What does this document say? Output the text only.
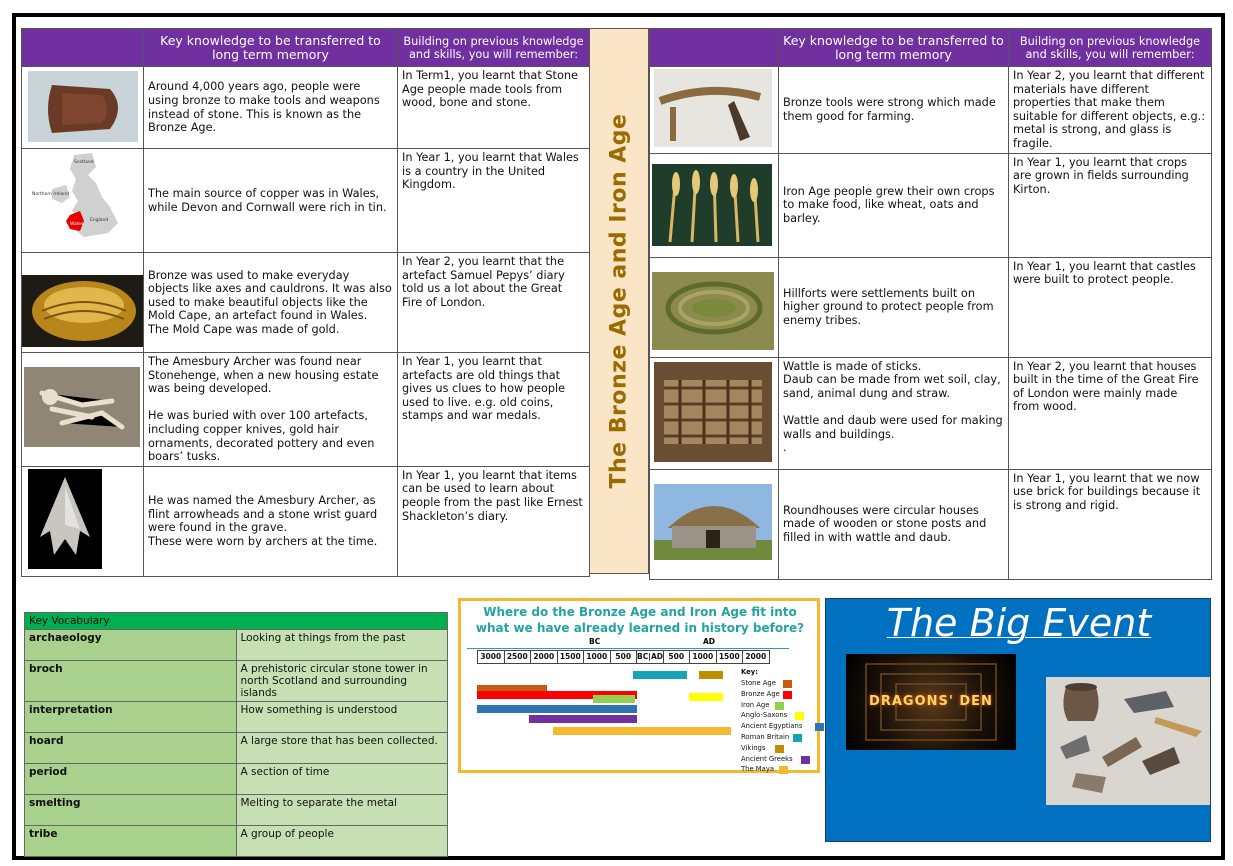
	Key knowledge to be transferred to long term memory	Building on previous knowledge and skills, you will remember:

	Around 4,000 years ago, people were using bronze to make tools and weapons instead of stone. This is known as the Bronze Age.	In Term1, you learnt that Stone Age people made tools from wood, bone and stone.

Scotland
Northern Ireland
England
Wales	The main source of copper was in Wales, while Devon and Cornwall were rich in tin.	In Year 1, you learnt that Wales is a country in the United Kingdom.

	Bronze was used to make everyday objects like axes and cauldrons. It was also used to make beautiful objects like the Mold Cape, an artefact found in Wales.
The Mold Cape was made of gold.	In Year 2, you learnt that the artefact Samuel Pepys’ diary told us a lot about the Great Fire of London.

	The Amesbury Archer was found near Stonehenge, when a new housing estate was being developed.

He was buried with over 100 artefacts, including copper knives, gold hair ornaments, decorated pottery and even boars’ tusks.	In Year 1, you learnt that artefacts are old things that gives us clues to how people used to live. e.g. old coins, stamps and war medals.

	He was named the Amesbury Archer, as flint arrowheads and a stone wrist guard were found in the grave.
These were worn by archers at the time.	In Year 1, you learnt that items can be used to learn about people from the past like Ernest Shackleton’s diary.
The Bronze Age and Iron Age
	Key knowledge to be transferred to long term memory	Building on previous knowledge and skills, you will remember:

	Bronze tools were strong which made them good for farming.	In Year 2, you learnt that different materials have different properties that make them suitable for different objects, e.g.: metal is strong, and glass is fragile.

	Iron Age people grew their own crops to make food, like wheat, oats and barley.	In Year 1, you learnt that crops are grown in fields surrounding Kirton.

	Hillforts were settlements built on higher ground to protect people from enemy tribes.	In Year 1, you learnt that castles were built to protect people.

	Wattle is made of sticks.
Daub can be made from wet soil, clay, sand, animal dung and straw.

Wattle and daub were used for making walls and buildings.
.	In Year 2, you learnt that houses built in the time of the Great Fire of London were mainly made from wood.

	Roundhouses were circular houses made of wooden or stone posts and filled in with wattle and daub.	In Year 1, you learnt that we now use brick for buildings because it is strong and rigid.
Key Vocabulary	
archaeology	Looking at things from the past
broch	A prehistoric circular stone tower in north Scotland and surrounding islands
interpretation	How something is understood
hoard	A large store that has been collected.
period	A section of time
smelting	Melting to separate the metal
tribe	A group of people
Where do the Bronze Age and Iron Age fit into what we have already learned in history before?
BC	AD
3000 2500 2000 1500 1000	500 BC|AD 500	1000 1500 2000
Key:
Stone Age
Bronze Age
Iron Age
Anglo-Saxons
Ancient Egyptians
Roman Britain
Vikings
Ancient Greeks
The Maya
The Big Event
DRAGONS' DEN
